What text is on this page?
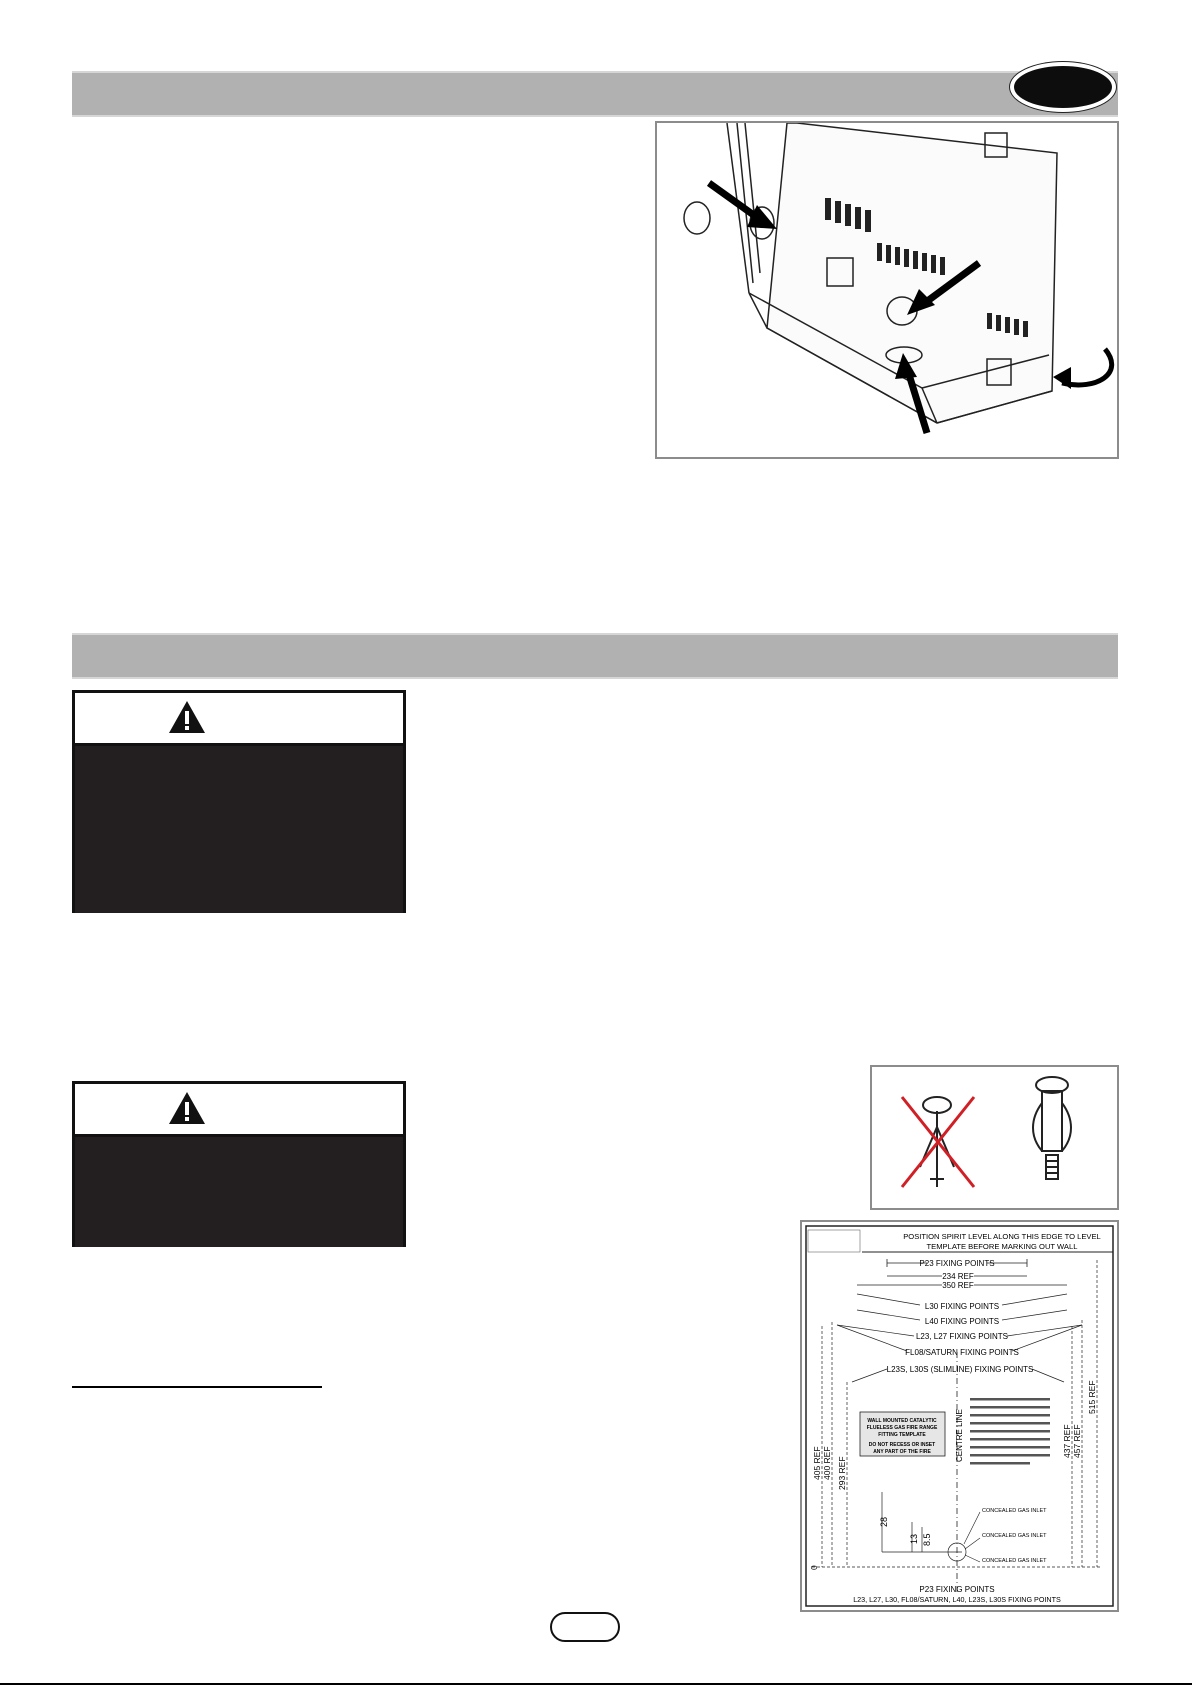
POSITION SPIRIT LEVEL ALONG THIS EDGE TO LEVEL
TEMPLATE BEFORE MARKING OUT WALL
P23 FIXING POINTS
234 REF
350 REF
L30 FIXING POINTS
L40 FIXING POINTS
L23, L27 FIXING POINTS
FL08/SATURN FIXING POINTS
L23S, L30S (SLIMLINE) FIXING POINTS
CENTRE LINE
WALL MOUNTED CATALYTIC
FLUELESS GAS FIRE RANGE
FITTING TEMPLATE
DO NOT RECESS OR INSET
ANY PART OF THE FIRE
405 REF 400 REF 293 REF
437 REF 457 REF
515 REF
0
28
13 8.5
CONCEALED GAS INLET
CONCEALED GAS INLET
CONCEALED GAS INLET
P23 FIXING POINTS
L23, L27, L30, FL08/SATURN, L40, L23S, L30S FIXING POINTS
